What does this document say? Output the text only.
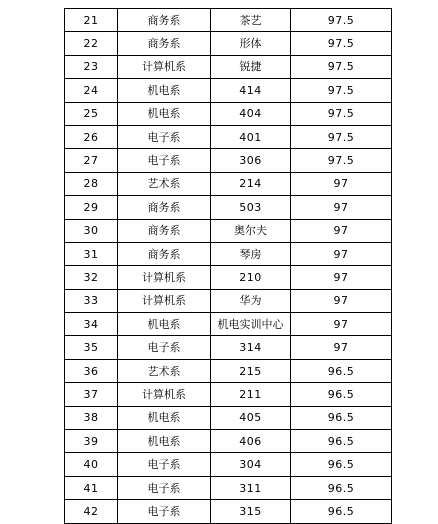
21	商务系	茶艺	97.5
22	商务系	形体	97.5
23	计算机系	锐捷	97.5
24	机电系	414	97.5
25	机电系	404	97.5
26	电子系	401	97.5
27	电子系	306	97.5
28	艺术系	214	97
29	商务系	503	97
30	商务系	奥尔夫	97
31	商务系	琴房	97
32	计算机系	210	97
33	计算机系	华为	97
34	机电系	机电实训中心	97
35	电子系	314	97
36	艺术系	215	96.5
37	计算机系	211	96.5
38	机电系	405	96.5
39	机电系	406	96.5
40	电子系	304	96.5
41	电子系	311	96.5
42	电子系	315	96.5
